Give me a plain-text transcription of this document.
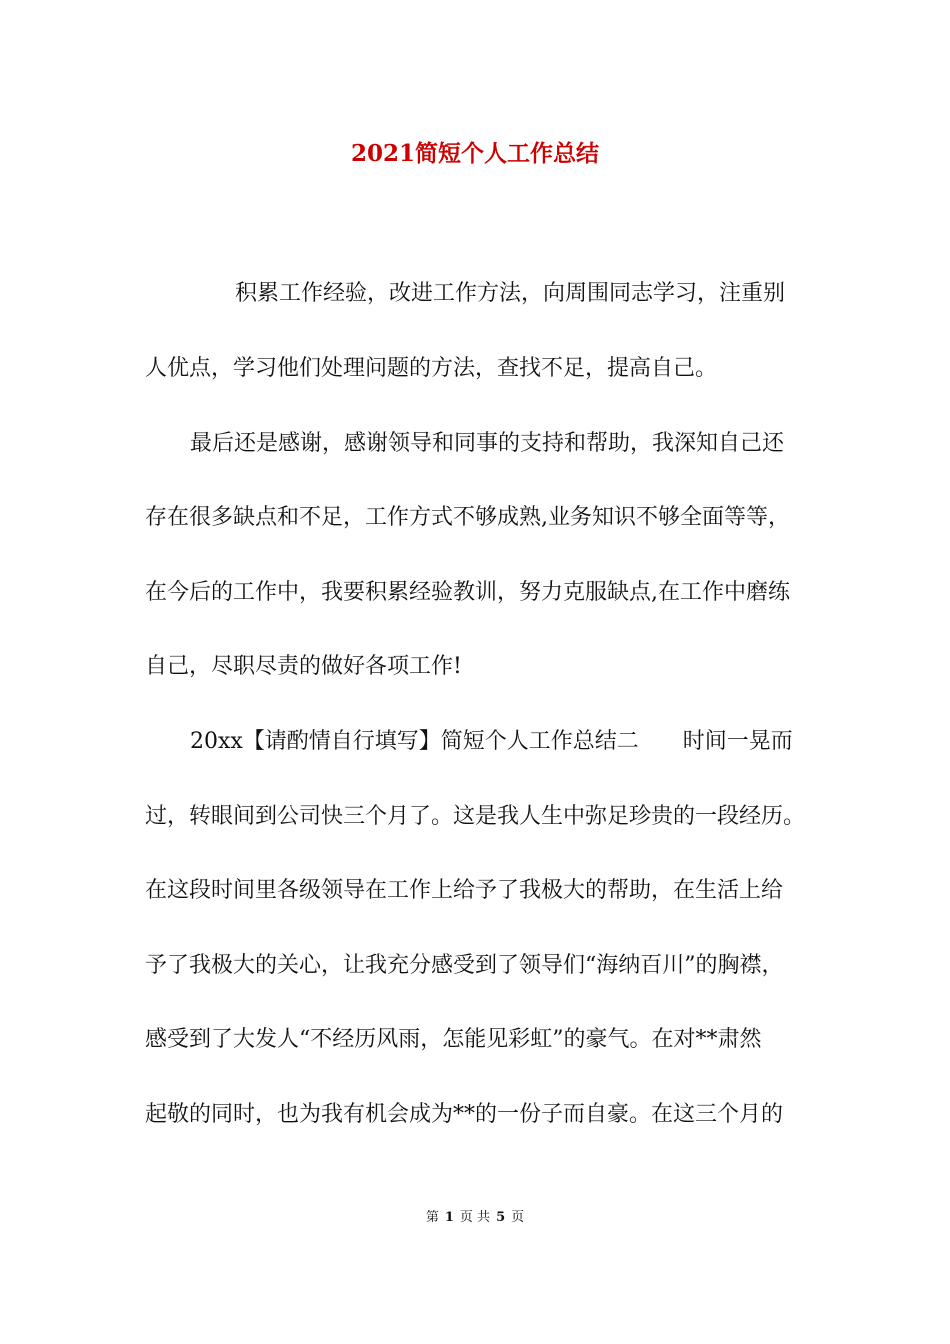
2021简短个人工作总结
积累工作经验，改进工作方法，向周围同志学习，注重别
人优点，学习他们处理问题的方法，查找不足，提高自己。
最后还是感谢，感谢领导和同事的支持和帮助，我深知自己还
存在很多缺点和不足，工作方式不够成熟,业务知识不够全面等等，
在今后的工作中，我要积累经验教训，努力克服缺点,在工作中磨练
自己，尽职尽责的做好各项工作!
20xx【请酌情自行填写】简短个人工作总结二　　时间一晃而
过，转眼间到公司快三个月了。这是我人生中弥足珍贵的一段经历。
在这段时间里各级领导在工作上给予了我极大的帮助，在生活上给
予了我极大的关心，让我充分感受到了领导们“海纳百川”的胸襟，
感受到了大发人“不经历风雨，怎能见彩虹”的豪气。在对**肃然
起敬的同时，也为我有机会成为**的一份子而自豪。在这三个月的
第 1 页 共 5 页
